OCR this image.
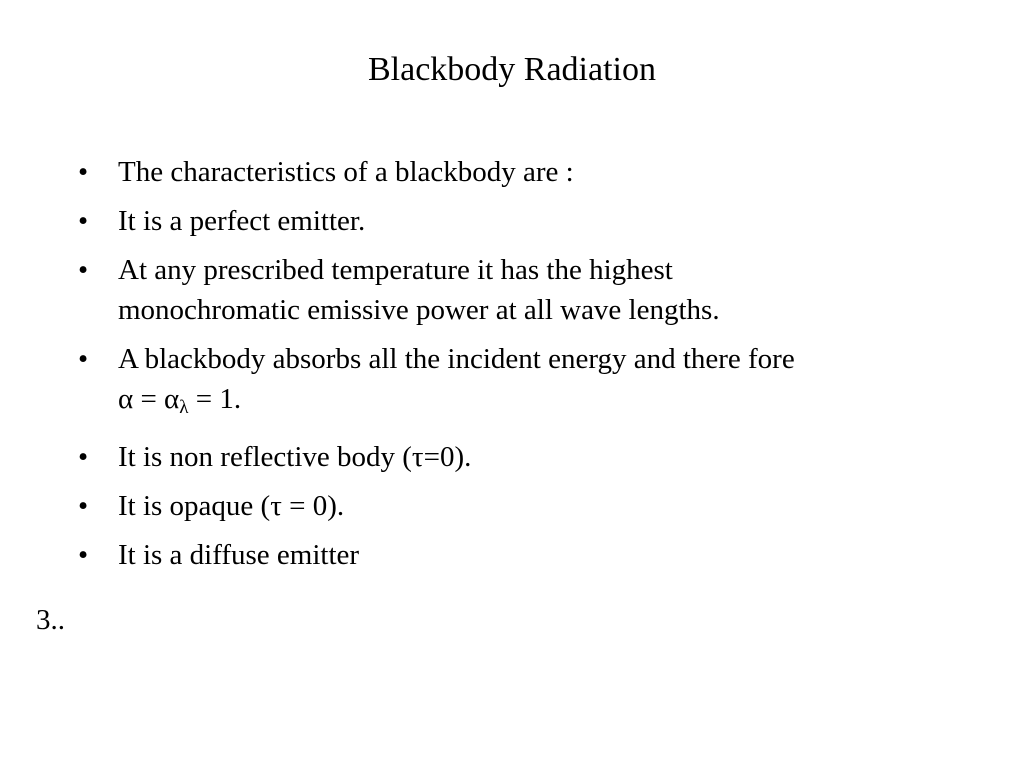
Blackbody Radiation
•	The characteristics of a blackbody are :
•	It is a perfect emitter.
•	At any prescribed temperature it has the highest
monochromatic emissive power at all wave lengths.
•	A blackbody absorbs all the incident energy and there fore
$\alpha = \alpha_\lambda = 1$.
•	It is non reflective body (τ=0).
•	It is opaque (τ = 0).
•	It is a diffuse emitter
3..
